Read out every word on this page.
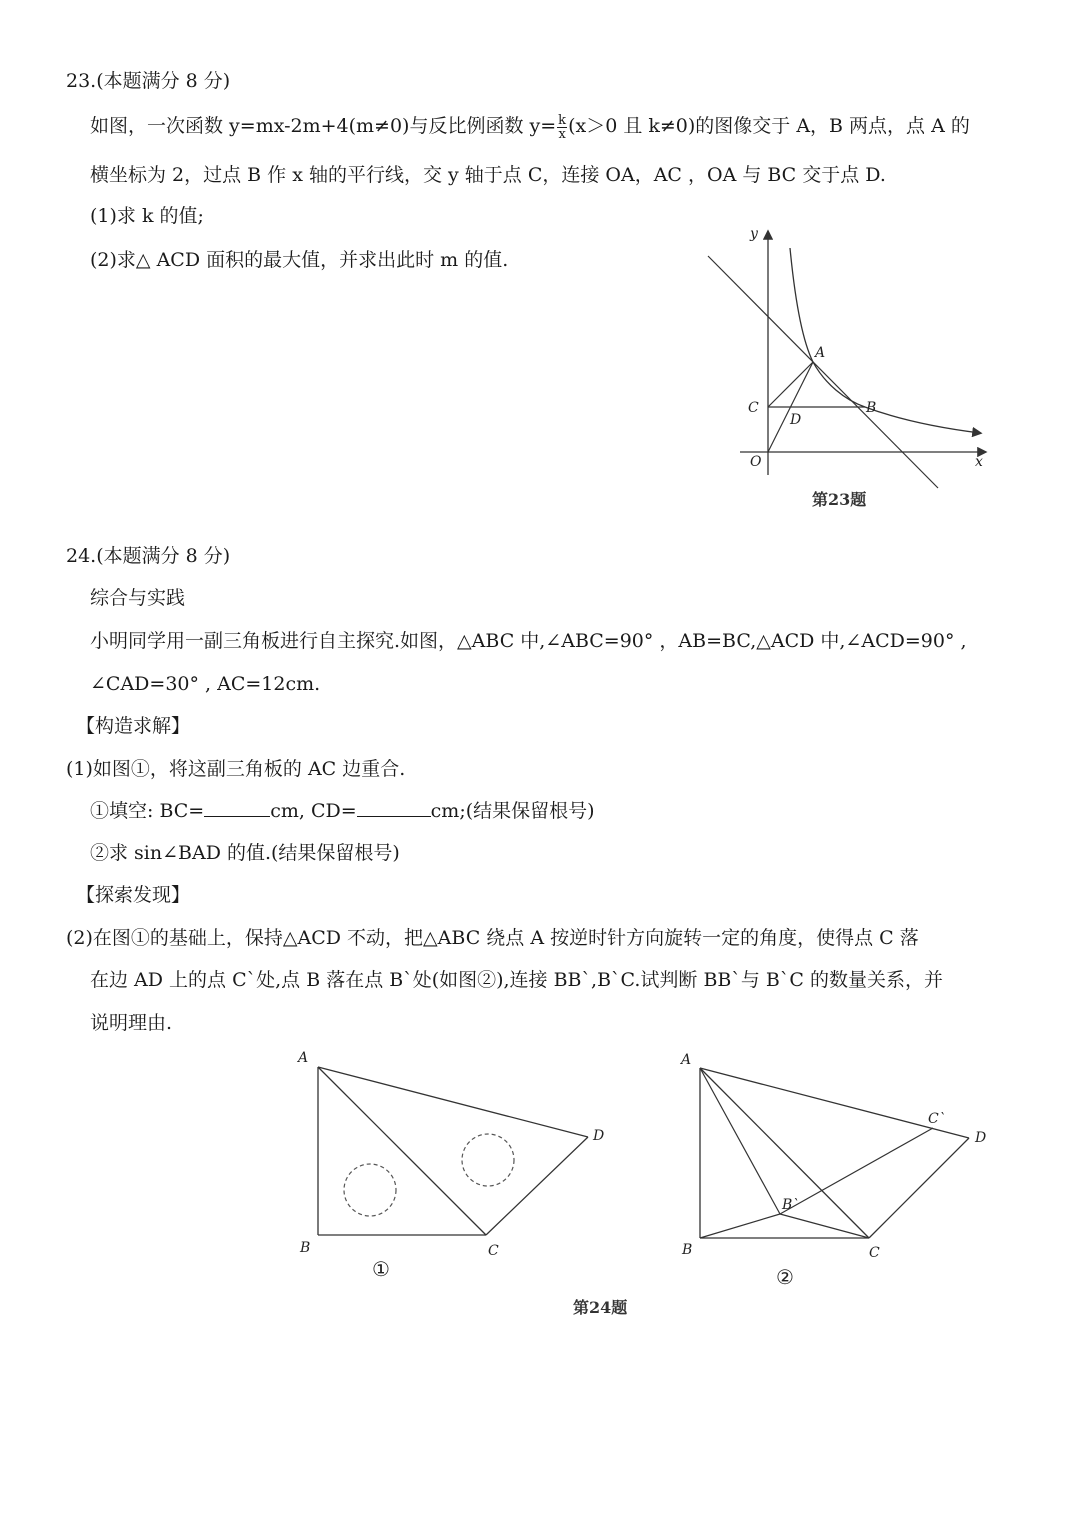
23.(本题满分 8 分)
如图，一次函数 y=mx-2m+4(m≠0)与反比例函数 $y= \frac{k}{x} (x>0$ 且 k≠0)的图像交于 A，B 两点，点 A 的
横坐标为 2，过点 B 作 x 轴的平行线，交 y 轴于点 C，连接 OA，AC ，OA 与 BC 交于点 D.
(1)求 k 的值;
(2)求△ ACD 面积的最大值，并求出此时 m 的值.
y
x
O
A
B
C
D
第23题
24.(本题满分 8 分)
综合与实践
小明同学用一副三角板进行自主探究.如图，△ABC 中,∠ABC=90° ，AB=BC,△ACD 中,∠ACD=90° ,
∠CAD=30° , AC=12cm.
【构造求解】
(1)如图①，将这副三角板的 AC 边重合.
①填空: BC=	cm, CD=	cm;(结果保留根号)
②求 sin∠BAD 的值.(结果保留根号)
【探索发现】
(2)在图①的基础上，保持△ACD 不动，把△ABC 绕点 A 按逆时针方向旋转一定的角度，使得点 C 落
在边 AD 上的点 C`处,点 B 落在点 B`处(如图②),连接 BB`,B`C.试判断 BB`与 B`C 的数量关系，并
说明理由.
A
B	C
D
①
A
B	C
D
C`
B`
②
第24题
